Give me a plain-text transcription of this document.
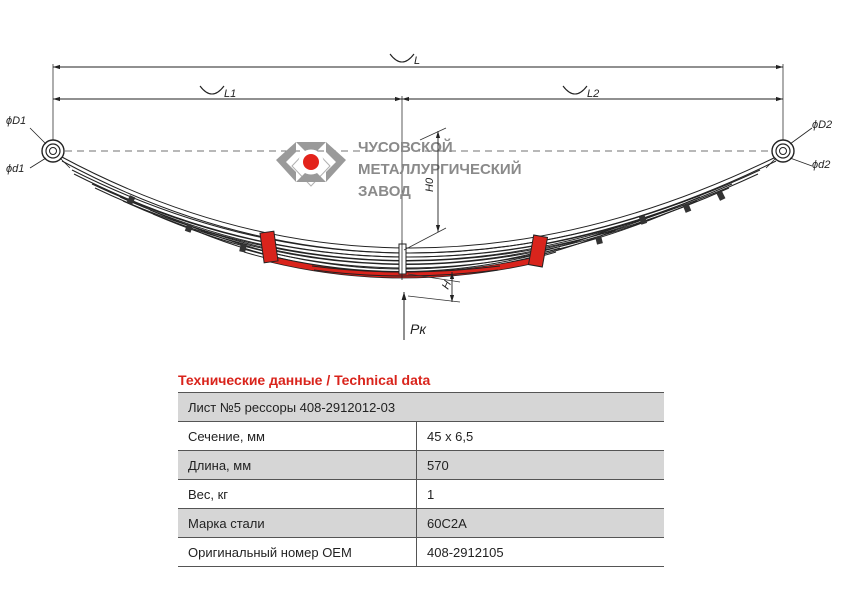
L
L1	L2
ЧУСОВСКОЙ
МЕТАЛЛУРГИЧЕСКИЙ
ЗАВОД
ϕD1
ϕd1
ϕD2
ϕd2
H0
H
Pк
Технические данные / Technical data
Лист №5 рессоры 408-2912012-03	
Сечение, мм	45 x 6,5
Длина, мм	570
Вес, кг	1
Марка стали	60С2А
Оригинальный номер OEM	408-2912105
